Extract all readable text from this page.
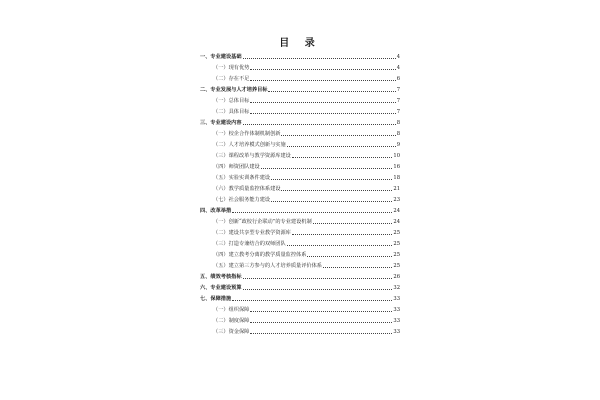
目 录
一、专业建设基础	4
（一）现有优势	4
（二）存在不足	6
二、专业发展与人才培养目标	7
（一）总体目标	7
（二）具体目标	7
三、专业建设内容	8
（一）校企合作体制机制创新	8
（二）人才培养模式创新与实施	9
（三）课程改革与教学资源库建设	10
（四）师资团队建设	16
（五）实验实训条件建设	18
（六）教学质量监控体系建设	21
（七）社会服务能力建设	23
四、改革举措	24
（一）创新“政校行企联动”的专业建设机制	24
（二）建设共享型专业教学资源库	25
（三）打造专兼结合的双师团队	25
（四）建立教考分离的教学质量监控体系	25
（五）建立第三方参与的人才培养质量评价体系	25
五、绩效考核指标	26
六、专业建设预算	32
七、保障措施	33
（一）组织保障	33
（二）制度保障	33
（三）资金保障	33
